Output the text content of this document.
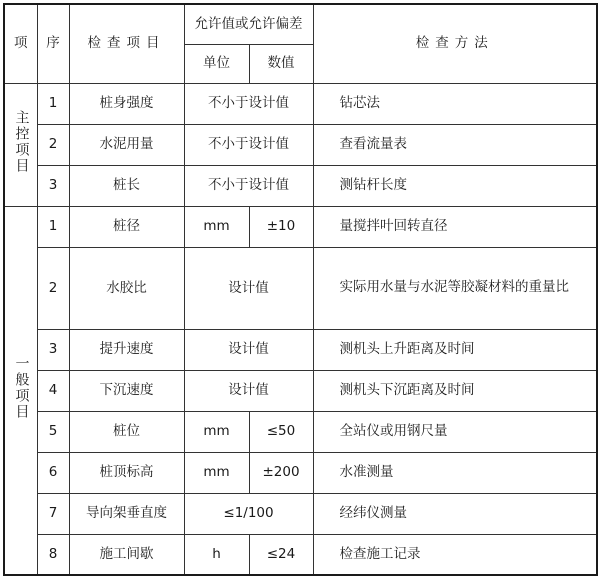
项	序	检查项目	允许值或允许偏差		检查方法
			单位	数值	
主控项目	1	桩身强度	不小于设计值		钻芯法
	2	水泥用量	不小于设计值		查看流量表
	3	桩长	不小于设计值		测钻杆长度
一般项目	1	桩径	mm	±10	量搅拌叶回转直径
	2	水胶比	设计值		实际用水量与水泥等胶凝材料的重量比
	3	提升速度	设计值		测机头上升距离及时间
	4	下沉速度	设计值		测机头下沉距离及时间
	5	桩位	mm	≤50	全站仪或用钢尺量
	6	桩顶标高	mm	±200	水准测量
	7	导向架垂直度	≤1/100		经纬仪测量
	8	施工间歇	h	≤24	检查施工记录
